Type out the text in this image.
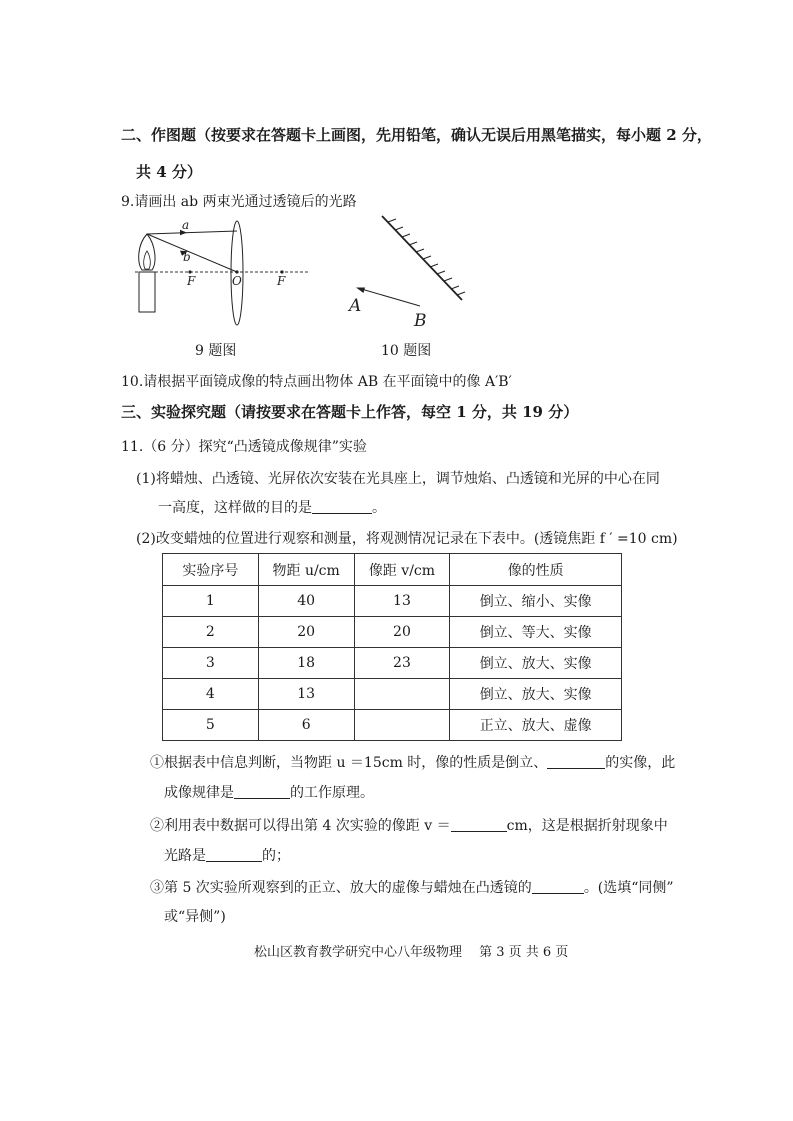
二、作图题（按要求在答题卡上画图，先用铅笔，确认无误后用黑笔描实，每小题 2 分，
共 4 分）
9.请画出 ab 两束光通过透镜后的光路
a
b
F	O	F
A
B
9 题图	10 题图
10.请根据平面镜成像的特点画出物体 AB 在平面镜中的像 A′B′
三、实验探究题（请按要求在答题卡上作答，每空 1 分，共 19 分）
11.（6 分）探究“凸透镜成像规律”实验
(1)将蜡烛、凸透镜、光屏依次安装在光具座上，调节烛焰、凸透镜和光屏的中心在同
一高度，这样做的目的是	。
(2)改变蜡烛的位置进行观察和测量，将观测情况记录在下表中。(透镜焦距 f ′ =10 cm)
实验序号	物距 u/cm	像距 v/cm	像的性质
1	40	13	倒立、缩小、实像
2	20	20	倒立、等大、实像
3	18	23	倒立、放大、实像
4	13		倒立、放大、实像
5	6		正立、放大、虚像
①根据表中信息判断，当物距 u ＝15cm 时，像的性质是倒立、	的实像，此
成像规律是	的工作原理。
②利用表中数据可以得出第 4 次实验的像距 v ＝	cm，这是根据折射现象中
光路是	的；
③第 5 次实验所观察到的正立、放大的虚像与蜡烛在凸透镜的	。(选填“同侧”
或“异侧”)
松山区教育教学研究中心八年级物理　 第 3 页 共 6 页
